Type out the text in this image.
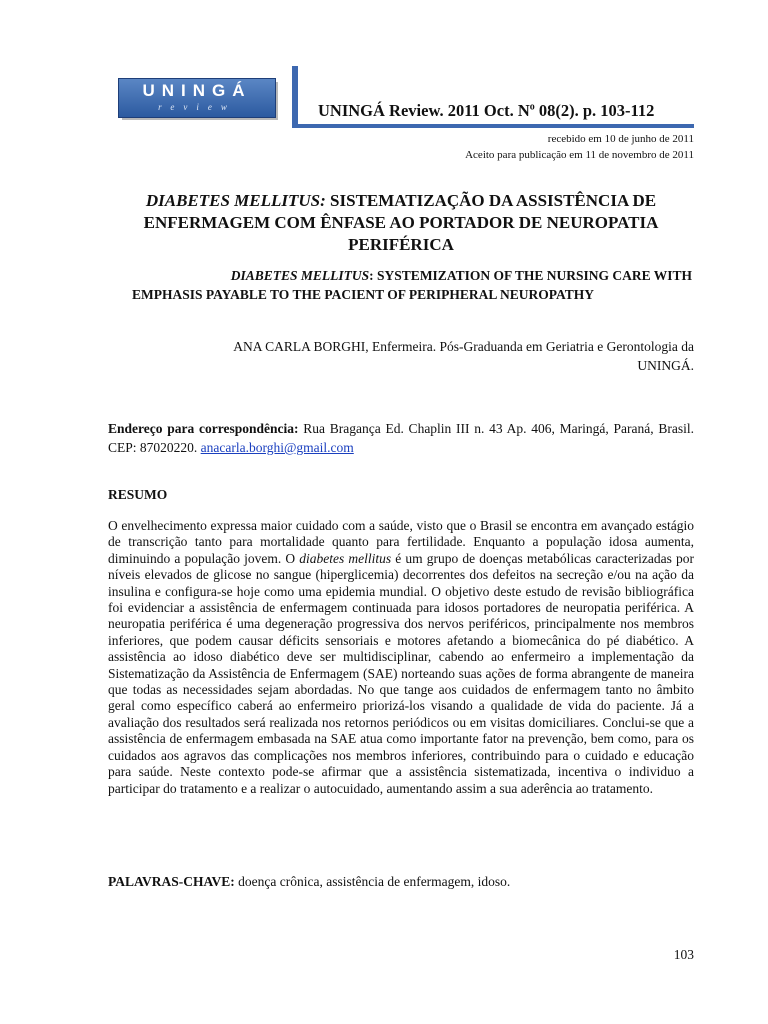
UNINGÁ
review	UNINGÁ Review. 2011 Oct. $N^o$ 08(2). p. 103-112
recebido em 10 de junho de 2011
Aceito para publicação em 11 de novembro de 2011
DIABETES MELLITUS: SISTEMATIZAÇÃO DA ASSISTÊNCIA DE ENFERMAGEM COM ÊNFASE AO PORTADOR DE NEUROPATIA PERIFÉRICA
DIABETES MELLITUS: SYSTEMIZATION OF THE NURSING CARE WITH
EMPHASIS PAYABLE TO THE PACIENT OF PERIPHERAL NEUROPATHY
ANA CARLA BORGHI, Enfermeira. Pós-Graduanda em Geriatria e Gerontologia da
UNINGÁ.
Endereço para correspondência: Rua Bragança Ed. Chaplin III n. 43 Ap. 406, Maringá, Paraná, Brasil. CEP: 87020220. anacarla.borghi@gmail.com
RESUMO
O envelhecimento expressa maior cuidado com a saúde, visto que o Brasil se encontra em avançado estágio de transcrição tanto para mortalidade quanto para fertilidade. Enquanto a população idosa aumenta, diminuindo a população jovem. O diabetes mellitus é um grupo de doenças metabólicas caracterizadas por níveis elevados de glicose no sangue (hiperglicemia) decorrentes dos defeitos na secreção e/ou na ação da insulina e configura-se hoje como uma epidemia mundial. O objetivo deste estudo de revisão bibliográfica foi evidenciar a assistência de enfermagem continuada para idosos portadores de neuropatia periférica. A neuropatia periférica é uma degeneração progressiva dos nervos periféricos, principalmente nos membros inferiores, que podem causar déficits sensoriais e motores afetando a biomecânica do pé diabético. A assistência ao idoso diabético deve ser multidisciplinar, cabendo ao enfermeiro a implementação da Sistematização da Assistência de Enfermagem (SAE) norteando suas ações de forma abrangente de maneira que todas as necessidades sejam abordadas. No que tange aos cuidados de enfermagem tanto no âmbito geral como específico caberá ao enfermeiro priorizá-los visando a qualidade de vida do paciente. Já a avaliação dos resultados será realizada nos retornos periódicos ou em visitas domiciliares. Conclui-se que a assistência de enfermagem embasada na SAE atua como importante fator na prevenção, bem como, para os cuidados aos agravos das complicações nos membros inferiores, contribuindo para o cuidado e educação para saúde. Neste contexto pode-se afirmar que a assistência sistematizada, incentiva o individuo a participar do tratamento e a realizar o autocuidado, aumentando assim a sua aderência ao tratamento.
PALAVRAS-CHAVE: doença crônica, assistência de enfermagem, idoso.
103
